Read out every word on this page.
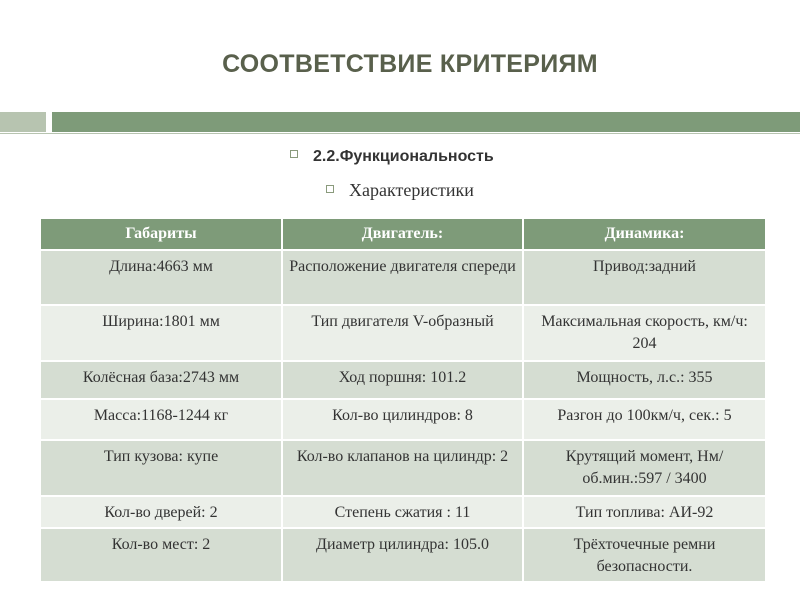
СООТВЕТСТВИЕ КРИТЕРИЯМ
2.2.Функциональность
Характеристики
Габариты	Двигатель:	Динамика:
Длина:4663 мм	Расположение двигателя спереди	Привод:задний
Ширина:1801 мм	Тип двигателя V-образный	Максимальная скорость, км/ч: 204
Колёсная база:2743 мм	Ход поршня: 101.2	Мощность, л.с.: 355
Масса:1168-1244 кг	Кол-во цилиндров: 8	Разгон до 100км/ч, сек.: 5
Тип кузова: купе	Кол-во клапанов на цилиндр: 2	Крутящий момент, Нм/об.мин.:597 / 3400
Кол-во дверей: 2	Степень сжатия : 11	Тип топлива: АИ-92
Кол-во мест: 2	Диаметр цилиндра: 105.0	Трёхточечные ремни безопасности.
